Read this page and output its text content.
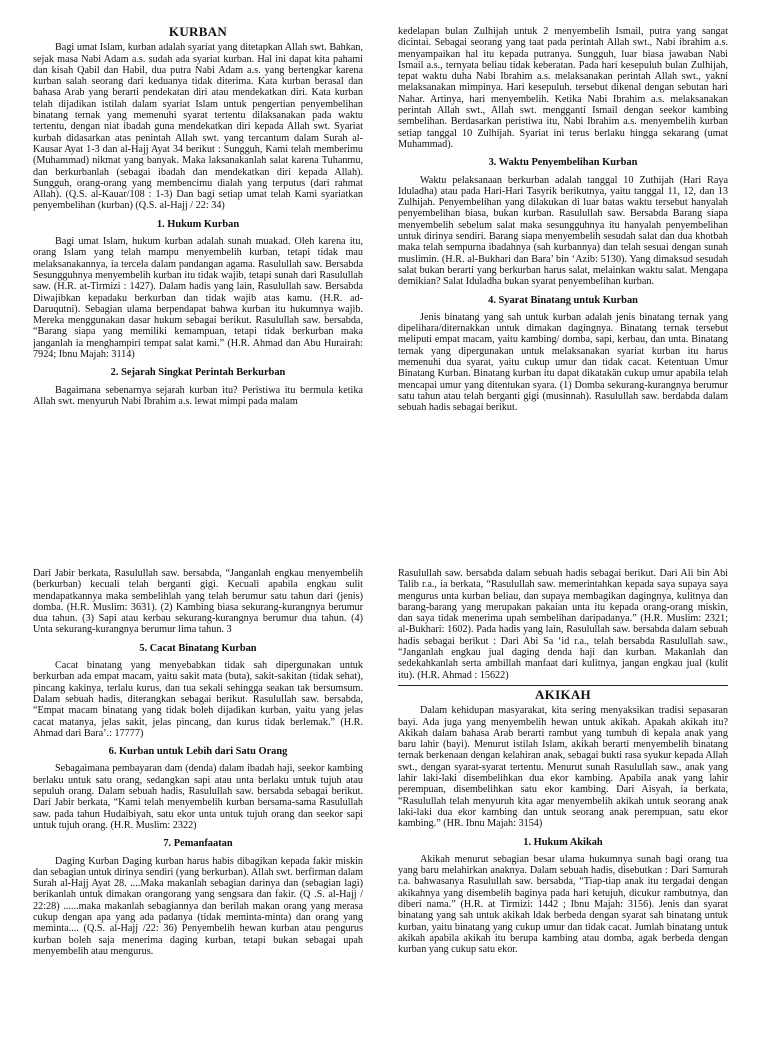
KURBAN

Bagi umat Islam, kurban adalah syariat yang ditetapkan Allah swt. Bahkan, sejak masa Nabi Adam a.s. sudah ada syariat kurban. Hal ini dapat kita pahami dan kisah Qabil dan Habil, dua putra Nabi Adam a.s. yang bertengkar karena kurban salah seorang dari keduanya tidak diterima. Kata kurban berasal dan bahasa Arab yang berarti pendekatan diri atau mendekatkan diri. Kata kurban telah dijadikan istilah dalam syariat Islam untuk pengertian penyembelihan binatang ternak yang memenuhi syarat tertentu dilaksanakan pada waktu tertentu, dengan niat ibadah guna mendekatkan diri kepada Allah swt. Syariat kurbah didasarkan atas penintah Allah swt. yang tercantum dalam Surah al-Kausar Ayat 1-3 dan al-Hajj Ayat 34 berikut : Sungguh, Kami telah memberimu (Muhammad) nikmat yang banyak. Maka laksanakanlah salat karena Tuhanmu, dan berkurbanlah (sebagai ibadah dan mendekatkan diri kepada Allah). Sungguh, orang-orang yang membencimu dialah yang terputus (dari rahmat Allah). (Q.S. al-Kauar/108 : 1-3) Dan bagi setiap umat telah Kami syariatkan penyembelihan (kurban) (Q.S. al-Hajj / 22: 34)

1. Hukum Kurban

Bagi umat Islam, hukum kurban adalah sunah muakad. Oleh karena itu, orang Islam yang telah mampu menyembelih kurban, tetapi tidak mau melaksanakannya, ia tercela dalam pandangan agama. Rasulullah saw. Bersabda Sesungguhnya menyembelih kurban itu tidak wajib, tetapi sunah dari Rasulullah saw. (H.R. at-Tirmizi : 1427). Dalam hadis yang lain, Rasulullah saw. Bersabda Diwajibkan kepadaku berkurban dan tidak wajib atas kamu. (H.R. ad-Daruqutni). Sebagian ulama berpendapat bahwa kurban itu hukumnya wajib. Mereka menggunakan dasar hukum sebagai berikut. Rasulullah saw. bersabda, “Barang siapa yang memiliki kemampuan, tetapi tidak berkurban maka janganlah ia menghampiri tempat salat kami.” (H.R. Ahmad dan Abu Hurairah: 7924; Ibnu Majah: 3114)

2. Sejarah Singkat Perintah Berkurban

Bagaimana sebenarnya sejarah kurban itu? Peristiwa itu bermula ketika Allah swt. menyuruh Nabi Ibrahim a.s. lewat mimpi pada malam

kedelapan bulan Zulhijah untuk 2 menyembelih Ismail, putra yang sangat dicintai. Sebagai seorang yang taat pada perintah Allah swt., Nabi ibrahim a.s. menyampaikan hal itu kepada putranya. Sungguh, luar biasa jawaban Nabi Ismail a.s., ternyata beliau tidak keberatan. Pada hari kesepuluh bulan Zulhijah, tepat waktu duha Nabi Ibrahim a.s. melaksanakan perintah Allah swt., yakni melaksanakan mimpinya. Hari kesepuluh. tersebut dikenal dengan sebutan hari Nahar. Artinya, hari menyembelih. Ketika Nabi Ibrahim a.s. melaksanakan perintah Allah swt., Allah swt. mengganti Ismail dengan seekor kambing sembelihan. Berdasarkan peristiwa itu, Nabi Ibrahim a.s. menyembelih kurban setiap tanggal 10 Zulhijah. Syariat ini terus berlaku hingga sekarang (umat Muhammad).

3. Waktu Penyembelihan Kurban

Waktu pelaksanaan berkurban adalah tanggal 10 Zuthijah (Hari Raya Iduladha) atau pada Hari-Hari Tasyrik berikutnya, yaitu tanggal 11, 12, dan 13 Zulhijah. Penyembelihan yang dilakukan di luar batas waktu tersebut hanyalah penyembelihan biasa, bukan kurban. Rasulullah saw. Bersabda Barang siapa menyembelih sebelum salat maka sesungguhnya itu hanyalah penyembelihan untuk dirinya sendiri. Barang siapa menyembelih sesudah salat dan dua khotbah maka telah sempurna ibadahnya (sah kurbannya) dan telah sesuai dengan sunah muslimin. (H.R. al-Bukhari dan Bara’ bin ‘Azib: 5130). Yang dimaksud sesudah salat bukan berarti yang berkurban harus salat, melainkan waktu salat. Mengapa demikian? Salat Iduladha bukan syarat penyembelihan kurban.

4. Syarat Binatang untuk Kurban

Jenis binatang yang sah untuk kurban adalah jenis binatang ternak yang dipelihara/diternakkan untuk dimakan dagingnya. Binatang ternak tersebut meliputi empat macam, yaitu kambing/ domba, sapi, kerbau, dan unta. Binatang ternak yang dipergunakan untuk melaksanakan syariat kurban itu harus memenuhi dua syarat, yaitu cukup umur dan tidak cacat. Ketentuan Umur Binatang Kurban. Binatang kurban itu dapat dikatakän cukup umur apabila telah mencapai umur yang ditentukan syara. (1) Domba sekurang-kurangnya berumur satu tahun atau telah berganti gigi (musinnah). Rasulullah saw. berdabda dalam sebuah hadis sebagai berikut.

Dari Jabir berkata, Rasulullah saw. bersabda, “Janganlah engkau menyembelih (berkurban) kecuali telah berganti gigi. Kecuali apabila engkau sulit mendapatkannya maka sembelihlah yang telah berumur satu tahun dari (jenis) domba. (H.R. Muslim: 3631). (2) Kambing biasa sekurang-kurangnya berumur dua tahun. (3) Sapi atau kerbau sekurang-kurangnya berumur dua tahun. (4) Unta sekurang-kurangnya berumur lima tahun. 3

5. Cacat Binatang Kurban

Cacat binatang yang menyebabkan tidak sah dipergunakan untuk berkurban ada empat macam, yaitu sakit mata (buta), sakit-sakitan (tidak sehat), pincang kakinya, terlalu kurus, dan tua sekali sehingga seakan tak bersumsum. Dalam sebuah hadis, diterangkan sebagai berikut. Rasulullah saw. bersabda, “Empat macam binatang yang tidak boleh dijadikan kurban, yaitu yang jelas cacat matanya, jelas sakit, jelas pincang, dan kurus tidak berlemak.” (H.R. Ahmad dari Bara’.: 17777)

6. Kurban untuk Lebih dari Satu Orang

Sebagaimana pembayaran dam (denda) dalam ibadah haji, seekor kambing berlaku untuk satu orang, sedangkan sapi atau unta berlaku untuk tujuh atau sepuluh orang. Dalam sebuah hadis, Rasulullah saw. bersabda sebagai berikut. Dari Jabir berkata, “Kami telah menyembelih kurban bersama-sama Rasulullah saw. pada tahun Hudaibiyah, satu ekor unta untuk tujuh orang dan seekor sapi untuk tujuh orang. (H.R. Muslim: 2322)

7. Pemanfaatan

Daging Kurban Daging kurban harus habis dibagikan kepada fakir miskin dan sebagian untuk dirinya sendiri (yang berkurban). Allah swt. berfirman dalam Surah al-Hajj Ayat 28. ....Maka makanlah sebagian darinya dan (sebagian lagi) berikanlah untuk dimakan orangorang yang sengsara dan fakir. (Q .S. al-Hajj / 22:28) ......maka makanlah sebagiannya dan berilah makan orang yang merasa cukup dengan apa yang ada padanya (tidak meminta-minta) dan orang yang meminta.... (Q.S. al-Hajj /22: 36) Penyembelih hewan kurban atau pengurus kurban boleh saja menerima daging kurban, tetapi bukan sebagai upah menyembelih atau mengurus.

Rasulullah saw. bersabda dalam sebuah hadis sebagai berikut. Dari Ali bin Abi Talib r.a., ia berkata, “Rasulullah saw. memerintahkan kepada saya supaya saya mengurus unta kurban beliau, dan supaya membagikan dagingnya, kulitnya dan barang-barang yang merupakan pakaian unta itu kepada orang-orang miskin, dan saya tidak menerima upah sembelihan daripadanya.” (H.R. Muslim: 2321; al-Bukhari: 1602). Pada hadis yang lain, Rasulullah saw. bersabda dalam sebuah hadis sebagai berikut : Dari Abi Sa ‘id r.a., telah bersabda Rasulullah saw., “Janganlah engkau jual daging denda haji dan kurban. Makanlah dan sedekahkanlah serta ambillah manfaat dari kulitnya, jangan engkau jual (kulit itu). (H.R. Ahmad : 15622)

AKIKAH

Dalam kehidupan masyarakat, kita sering menyaksikan tradisi sepasaran bayi. Ada juga yang menyembelih hewan untuk akikah. Apakah akikah itu? Akikah dalam bahasa Arab berarti rambut yang tumbuh di kepala anak yang baru lahir (bayi). Menurut istilah Islam, akikah berarti menyembelih binatang ternak berkenaan dengan kelahiran anak, sebagai bukti rasa syukur kepada Allah swt., dengan syarat-syarat tertentu. Menurut sunah Rasulullah saw., anak yang lahir laki-laki disembelihkan dua ekor kambing. Apabila anak yang lahir perempuan, disembelihkan satu ekor kambing. Dari Aisyah, ia berkata, “Rasulullah telah menyuruh kita agar menyembelih akikah untuk seorang anak laki-laki dua ekor kambing dan untuk seorang anak perempuan, satu ekor kambing.” (HR. Ibnu Majah: 3154)

1. Hukum Akikah

Akikah menurut sebagian besar ulama hukumnya sunah bagi orang tua yang baru melahirkan anaknya. Dalam sebuah hadis, disebutkan : Dari Samurah r.a. bahwasanya Rasulullah saw. bersabda, “Tiap-tiap anak itu tergadai dengan akikahnya yang disembelih baginya pada hari ketujuh, dicukur rambutnya, dan diberi nama.” (H.R. at Tirmizi: 1442 ; Ibnu Majah: 3156). Jenis dan syarat binatang yang sah untuk akikah ldak berbeda dengan syarat sah binatang untuk kurban, yaitu binatang yang cukup umur dan tidak cacat. Jumlah binatang untuk akikah apabila akikah itu berupa kambing atau domba, agak berbeda dengan kurban yang cukup satu ekor.
